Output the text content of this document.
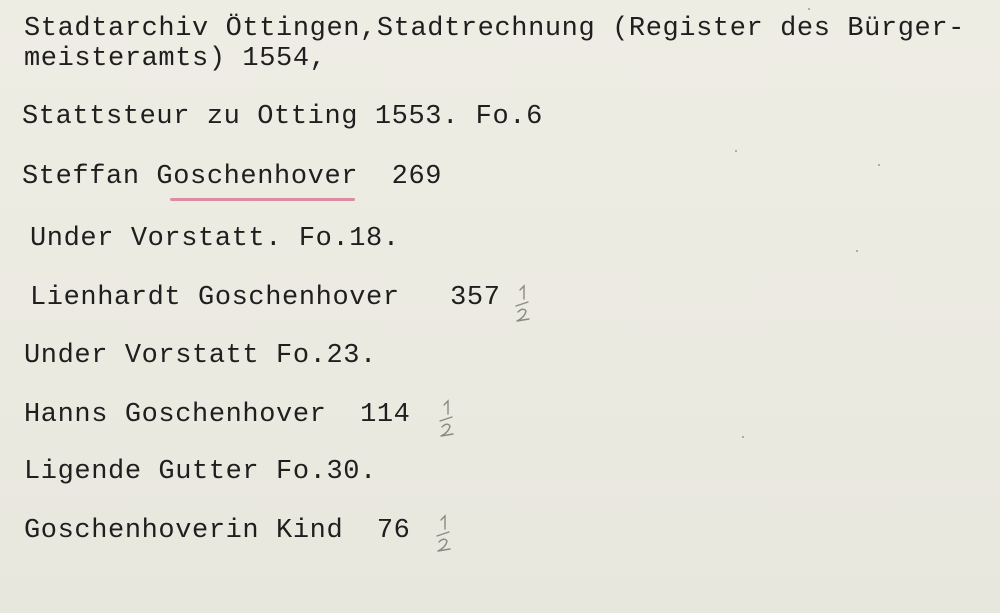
Stadtarchiv Öttingen,Stadtrechnung (Register des Bürger-
meisteramts) 1554,
Stattsteur zu Otting 1553. Fo.6
Steffan Goschenhover 269
Under Vorstatt. Fo.18.
Lienhardt Goschenhover 357
Under Vorstatt Fo.23.
Hanns Goschenhover 114
Ligende Gutter Fo.30.
Goschenhoverin Kind 76
